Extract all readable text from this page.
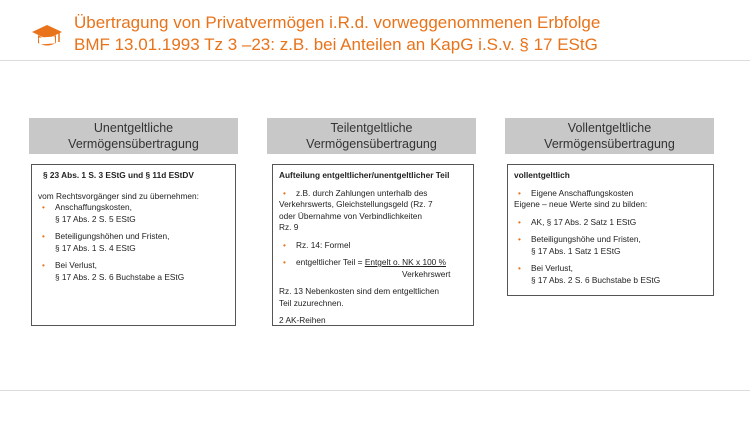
Übertragung von Privatvermögen i.R.d. vorweggenommenen Erbfolge
BMF 13.01.1993 Tz 3 –23: z.B. bei Anteilen an KapG i.S.v. § 17 EStG
Unentgeltliche
Vermögensübertragung
§ 23 Abs. 1 S. 3 EStG und § 11d EStDV
vom Rechtsvorgänger sind zu übernehmen:
• Anschaffungskosten,
§ 17 Abs. 2 S. 5 EStG
• Beteiligungshöhen und Fristen,
§ 17 Abs. 1 S. 4 EStG
• Bei Verlust,
§ 17 Abs. 2 S. 6 Buchstabe a EStG
Teilentgeltliche
Vermögensübertragung
Aufteilung entgeltlicher/unentgeltlicher Teil
• z.B. durch Zahlungen unterhalb des
Verkehrswerts, Gleichstellungsgeld (Rz. 7
oder Übernahme von Verbindlichkeiten
Rz. 9
• Rz. 14: Formel
• entgeltlicher Teil = Entgelt o. NK x 100 %
Verkehrswert
Rz. 13 Nebenkosten sind dem entgeltlichen
Teil zuzurechnen.
2 AK-Reihen
Vollentgeltliche
Vermögensübertragung
vollentgeltlich
• Eigene Anschaffungskosten
Eigene – neue Werte sind zu bilden:
• AK, § 17 Abs. 2 Satz 1 EStG
• Beteiligungshöhe und Fristen,
§ 17 Abs. 1 Satz 1 EStG
• Bei Verlust,
§ 17 Abs. 2 S. 6 Buchstabe b EStG
